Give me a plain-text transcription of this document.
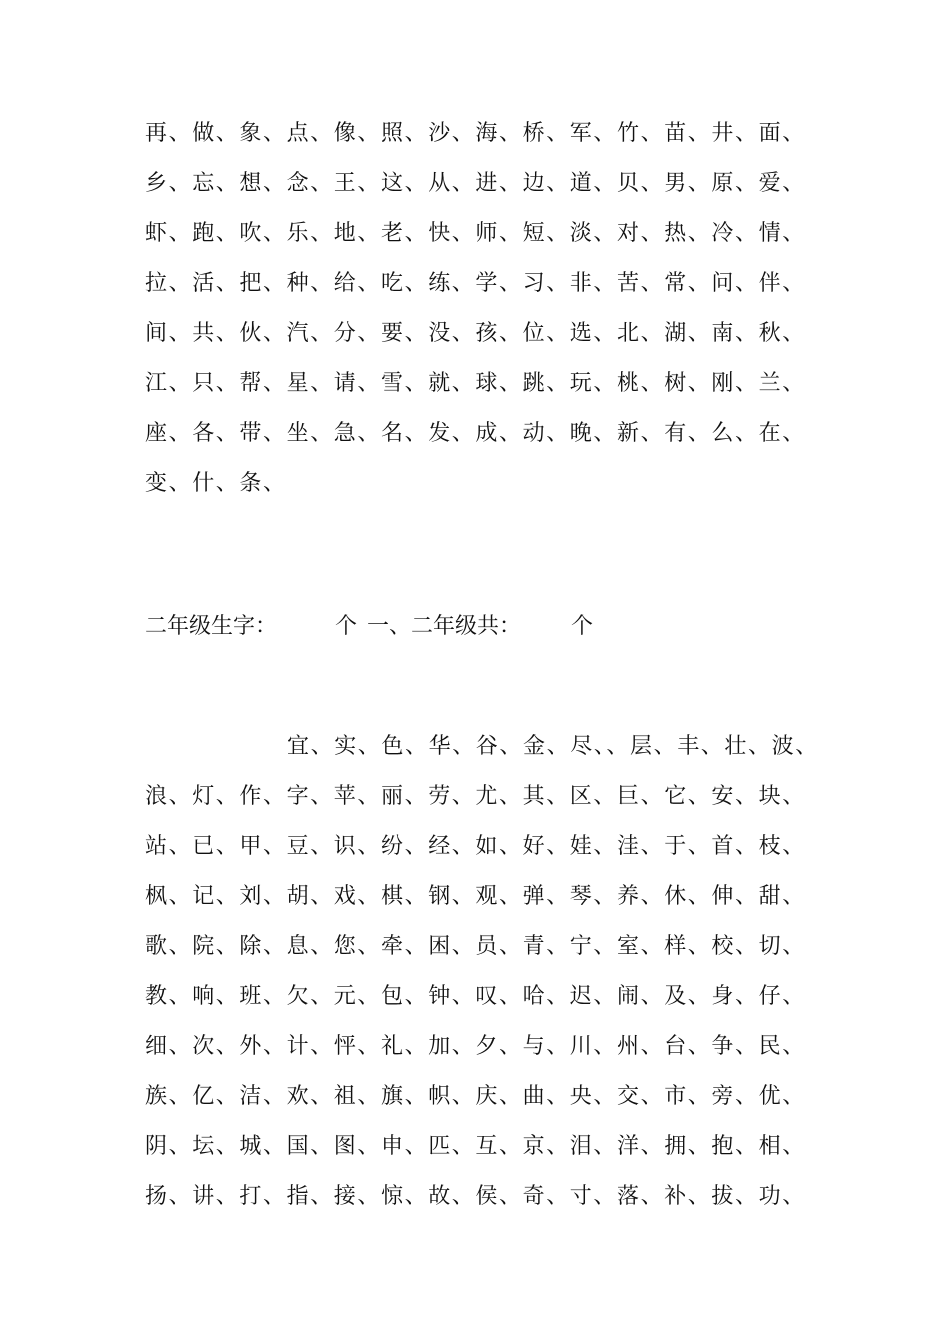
再、做、象、点、像、照、沙、海、桥、军、竹、苗、井、面、
乡、忘、想、念、王、这、从、进、边、道、贝、男、原、爱、
虾、跑、吹、乐、地、老、快、师、短、淡、对、热、冷、情、
拉、活、把、种、给、吃、练、学、习、非、苦、常、问、伴、
间、共、伙、汽、分、要、没、孩、位、选、北、湖、南、秋、
江、只、帮、星、请、雪、就、球、跳、玩、桃、树、刚、兰、
座、各、带、坐、急、名、发、成、动、晚、新、有、么、在、
变、什、条、
二年级生字：	个 一、二年级共： 个
宜、实、色、华、谷、金、尽、、层、丰、壮、波、
浪、灯、作、字、苹、丽、劳、尤、其、区、巨、它、安、块、
站、已、甲、豆、识、纷、经、如、好、娃、洼、于、首、枝、
枫、记、刘、胡、戏、棋、钢、观、弹、琴、养、休、伸、甜、
歌、院、除、息、您、牵、困、员、青、宁、室、样、校、切、
教、响、班、欠、元、包、钟、叹、哈、迟、闹、及、身、仔、
细、次、外、计、怦、礼、加、夕、与、川、州、台、争、民、
族、亿、洁、欢、祖、旗、帜、庆、曲、央、交、市、旁、优、
阴、坛、城、国、图、申、匹、互、京、泪、洋、拥、抱、相、
扬、讲、打、指、接、惊、故、侯、奇、寸、落、补、拔、功、
